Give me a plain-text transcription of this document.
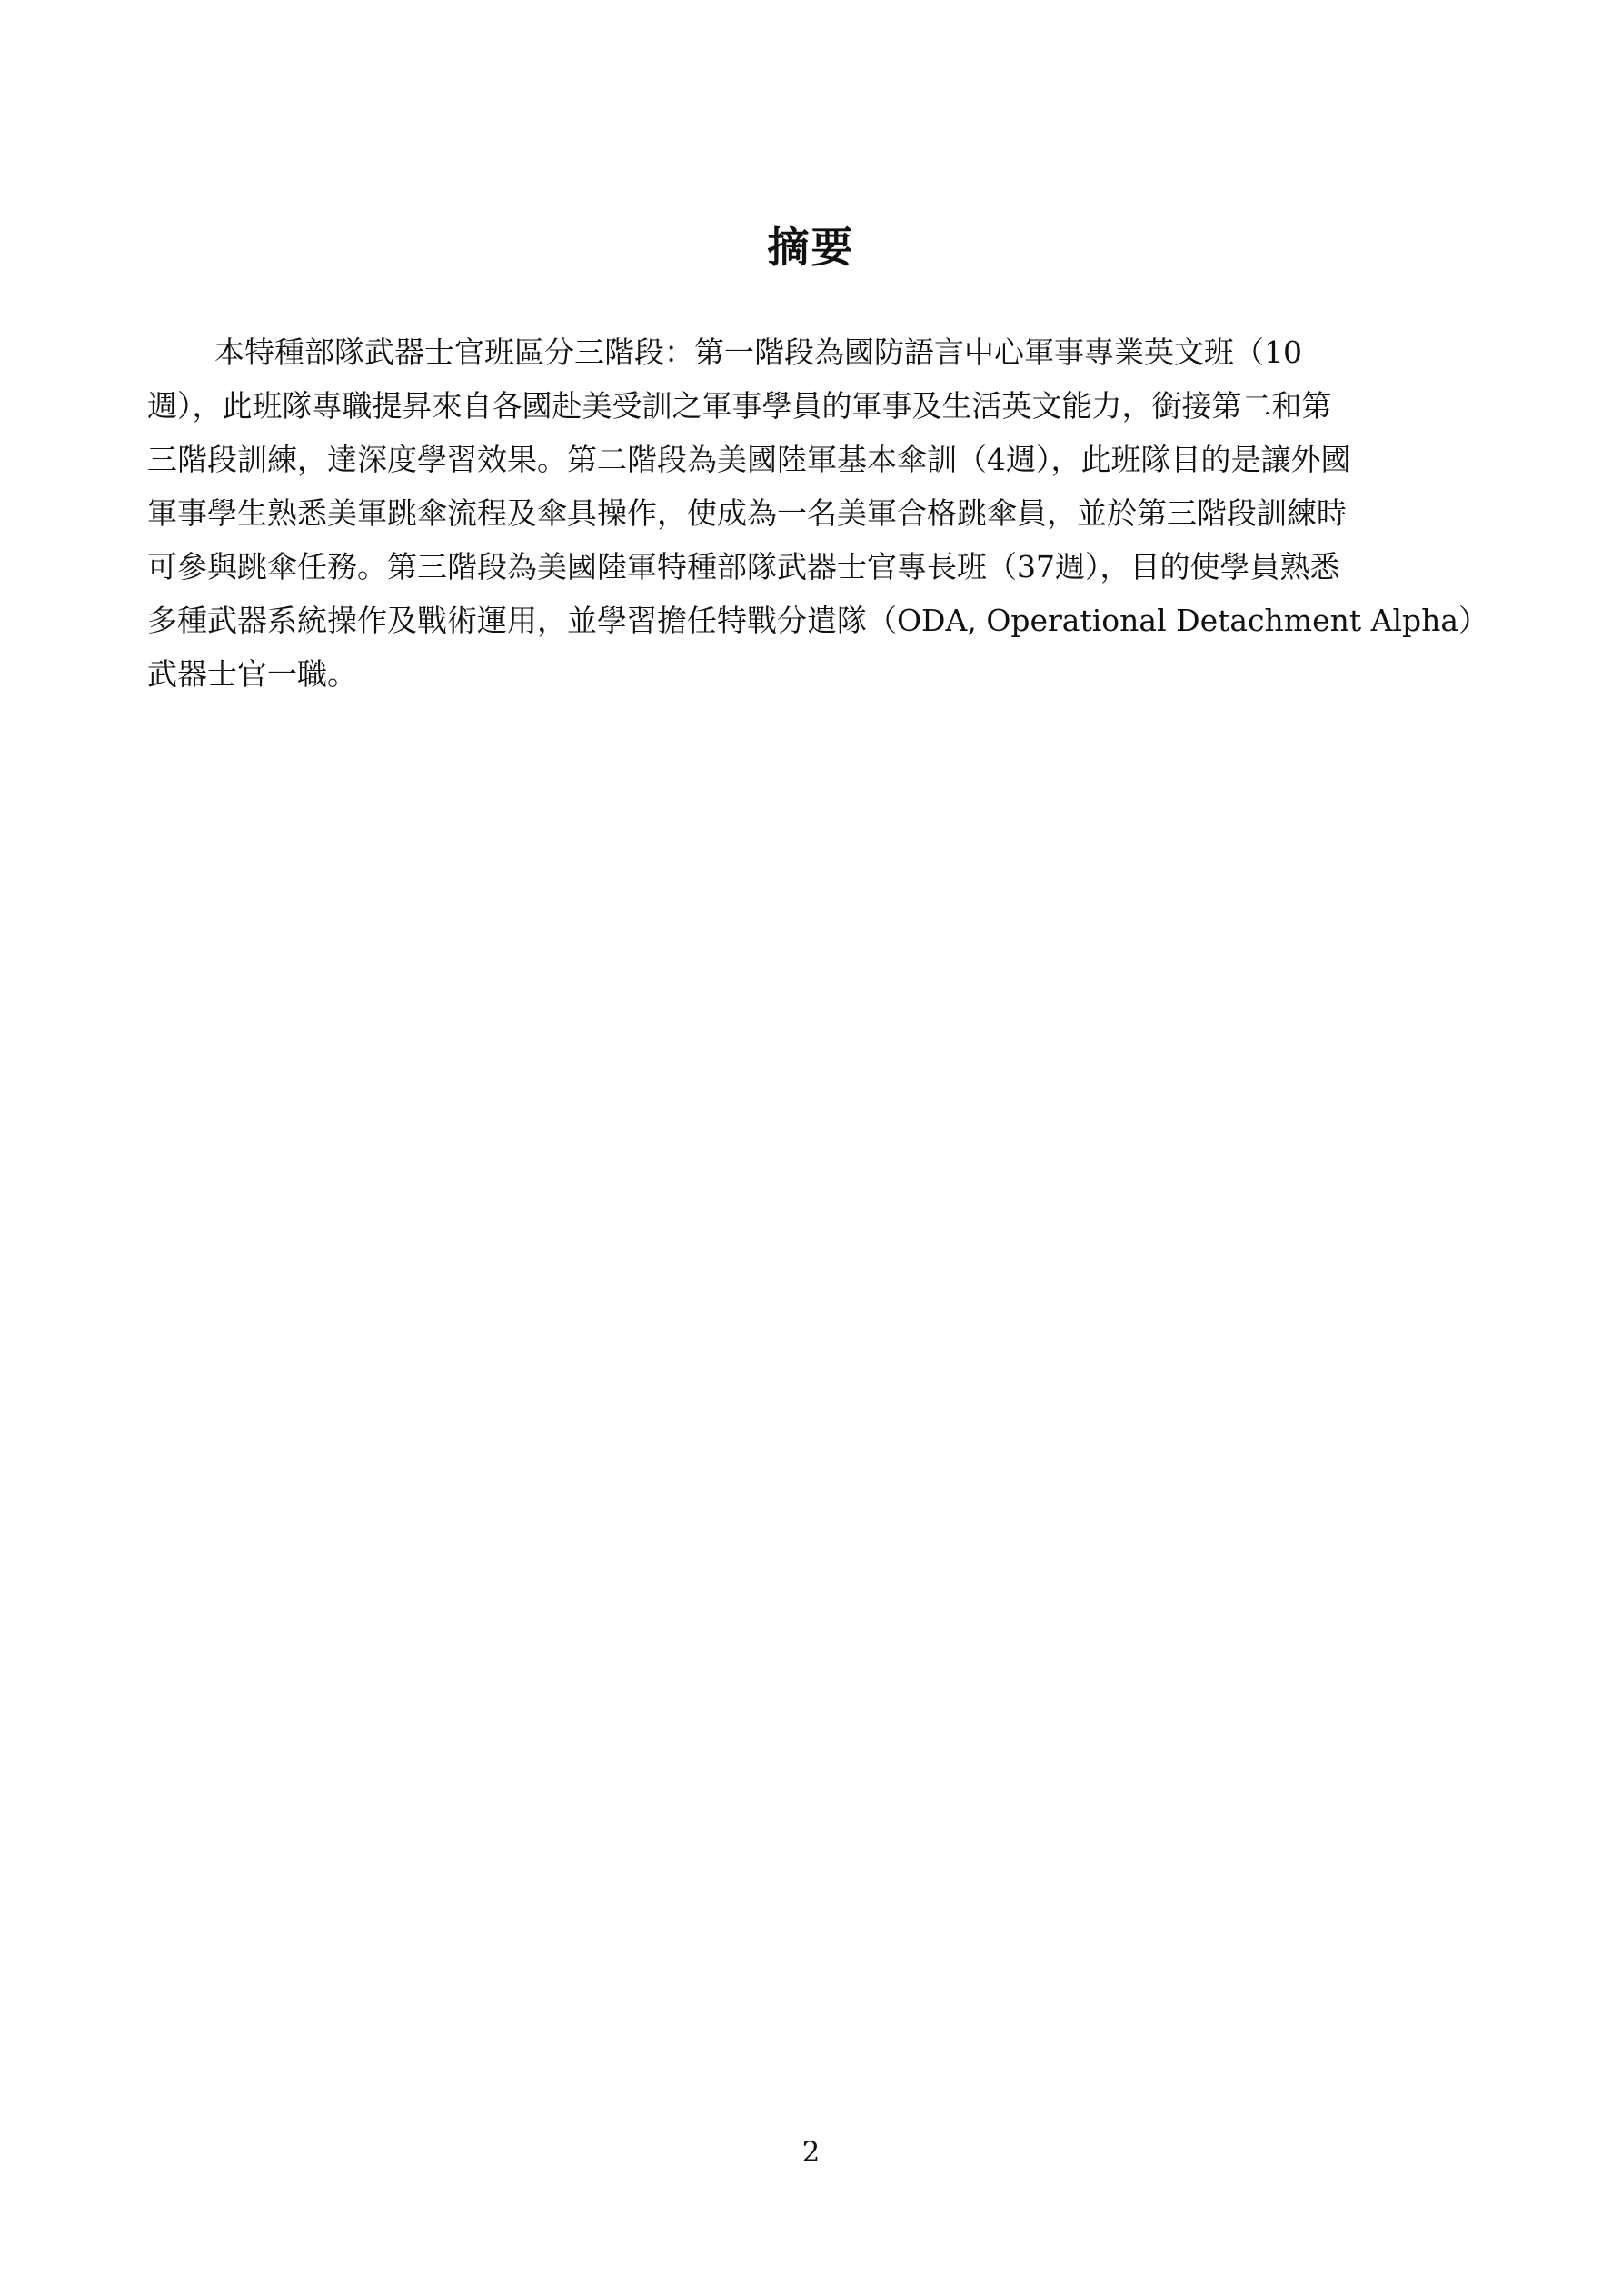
摘要
本特種部隊武器士官班區分三階段：第一階段為國防語言中心軍事專業英文班（10
週），此班隊專職提昇來自各國赴美受訓之軍事學員的軍事及生活英文能力，銜接第二和第
三階段訓練，達深度學習效果。第二階段為美國陸軍基本傘訓（4週），此班隊目的是讓外國
軍事學生熟悉美軍跳傘流程及傘具操作，使成為一名美軍合格跳傘員，並於第三階段訓練時
可參與跳傘任務。第三階段為美國陸軍特種部隊武器士官專長班（37週），目的使學員熟悉
多種武器系統操作及戰術運用，並學習擔任特戰分遣隊（ODA, Operational Detachment Alpha）
武器士官一職。
2
